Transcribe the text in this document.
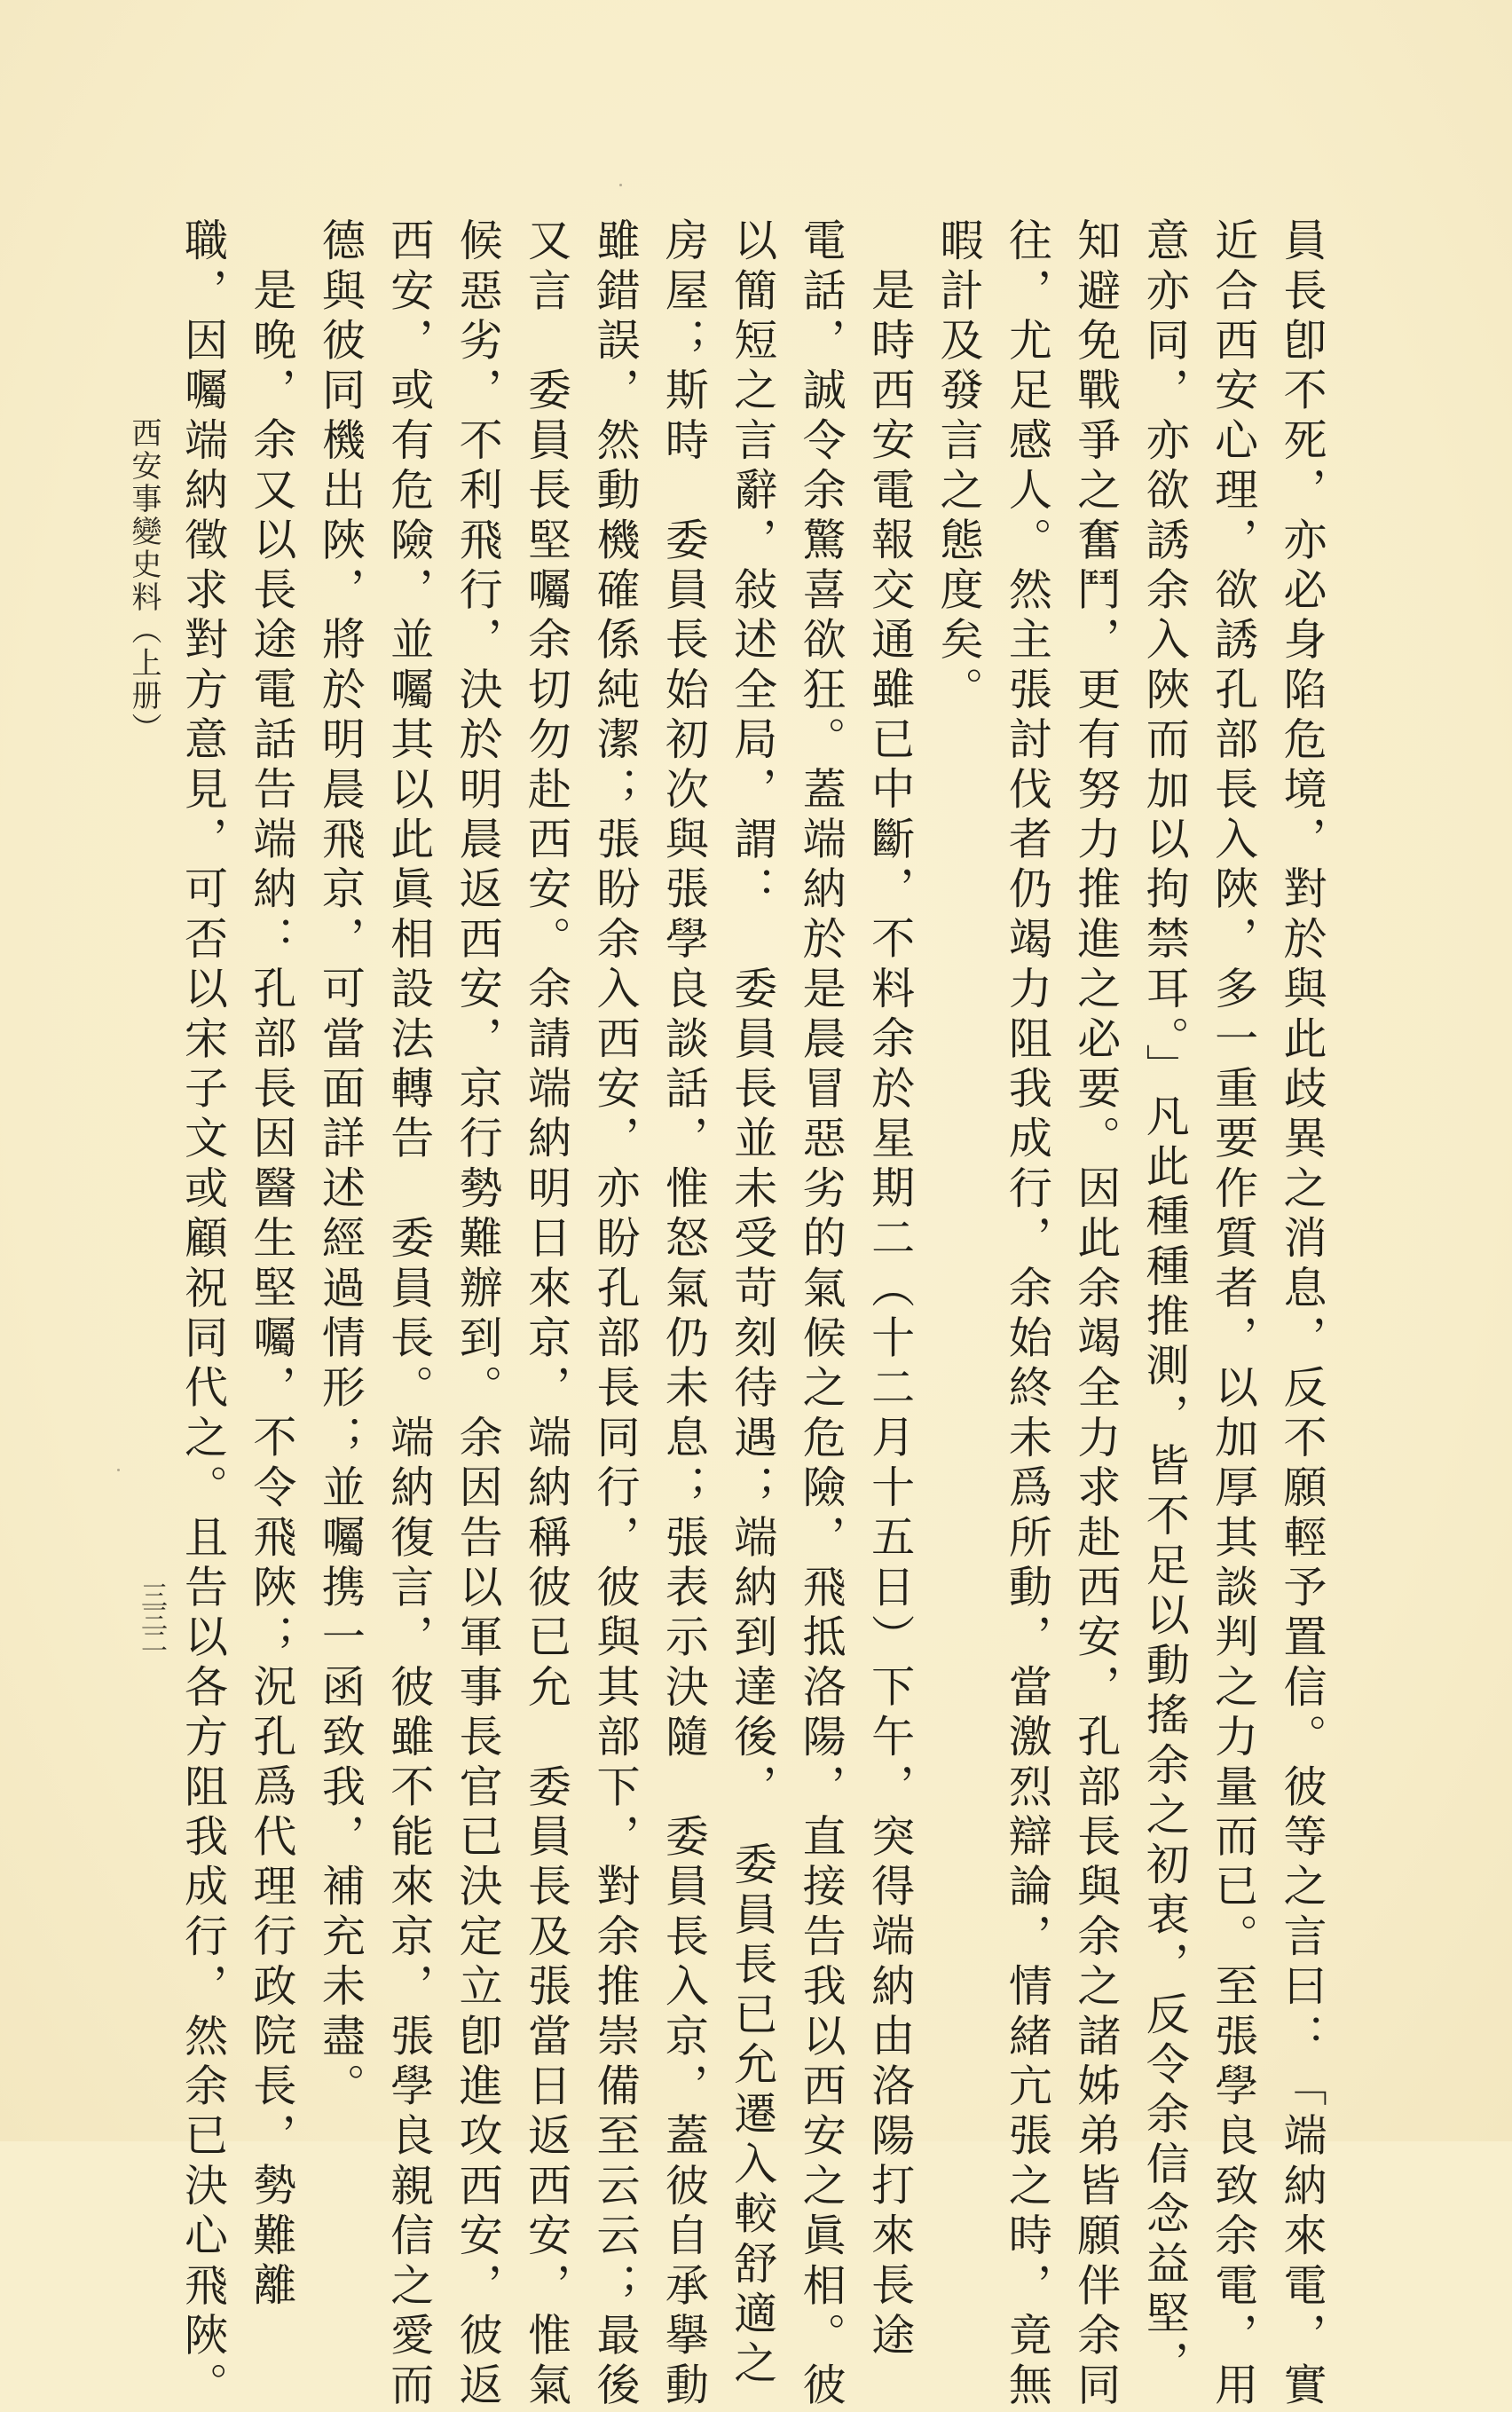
員長卽不死，亦必身陷危境，對於與此歧異之消息，反不願輕予置信。彼等之言曰：「端納來電，實
近合西安心理，欲誘孔部長入陜，多一重要作質者，以加厚其談判之力量而已。至張學良致余電，用
意亦同，亦欲誘余入陜而加以拘禁耳。」凡此種種推測，皆不足以動搖余之初衷，反令余信念益堅，
知避免戰爭之奮鬥，更有努力推進之必要。因此余竭全力求赴西安，孔部長與余之諸姊弟皆願伴余同
往，尤足感人。然主張討伐者仍竭力阻我成行，余始終未爲所動，當激烈辯論，情緒亢張之時，竟無
暇計及發言之態度矣。
是時西安電報交通雖已中斷，不料余於星期二（十二月十五日）下午，突得端納由洛陽打來長途
電話，誠令余驚喜欲狂。蓋端納於是晨冒惡劣的氣候之危險，飛抵洛陽，直接告我以西安之眞相。彼
以簡短之言辭，敍述全局，謂：　委員長並未受苛刻待遇；端納到達後，　委員長已允遷入較舒適之
房屋；斯時　委員長始初次與張學良談話，惟怒氣仍未息；張表示決隨　委員長入京，蓋彼自承擧動
雖錯誤，然動機確係純潔；張盼余入西安，亦盼孔部長同行，彼與其部下，對余推崇備至云云；最後
又言　委員長堅囑余切勿赴西安。余請端納明日來京，端納稱彼已允　委員長及張當日返西安，惟氣
候惡劣，不利飛行，決於明晨返西安，京行勢難辦到。余因告以軍事長官已決定立卽進攻西安，彼返
西安，或有危險，並囑其以此眞相設法轉告　委員長。端納復言，彼雖不能來京，張學良親信之愛而
德與彼同機出陜，將於明晨飛京，可當面詳述經過情形；並囑携一函致我，補充未盡。
是晚，余又以長途電話告端納：孔部長因醫生堅囑，不令飛陜；況孔爲代理行政院長，勢難離
職，因囑端納徵求對方意見，可否以宋子文或顧祝同代之。且告以各方阻我成行，然余已決心飛陜。
西安事變史料（上册）
三三二
